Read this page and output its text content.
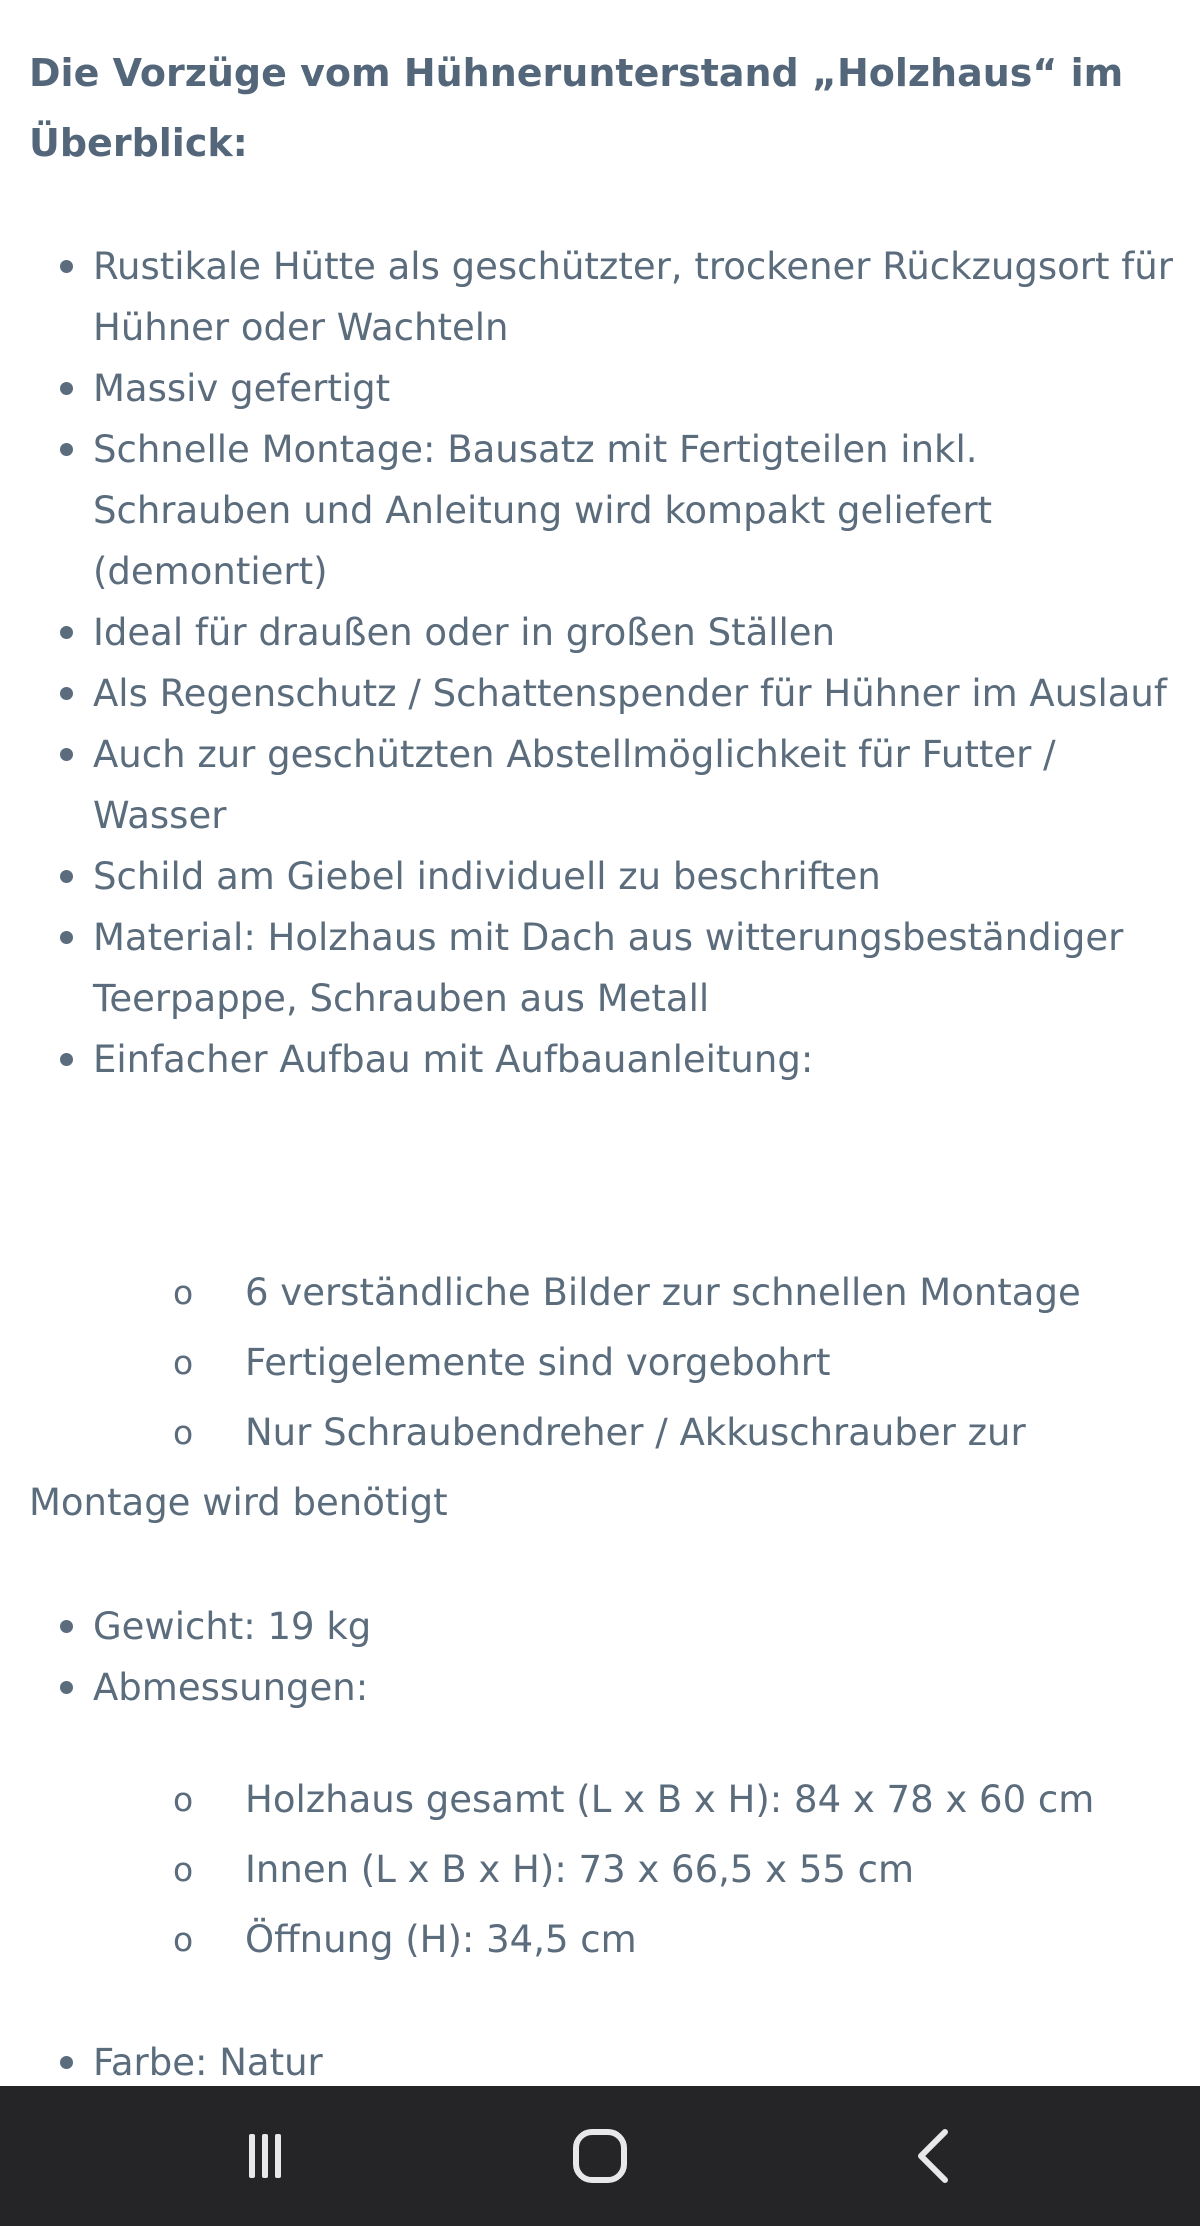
Die Vorzüge vom Hühnerunterstand „Holzhaus“ im Überblick:
Rustikale Hütte als geschützter, trockener Rückzugsort für Hühner oder Wachteln
Massiv gefertigt
Schnelle Montage: Bausatz mit Fertigteilen inkl. Schrauben und Anleitung wird kompakt geliefert (demontiert)
Ideal für draußen oder in großen Ställen
Als Regenschutz / Schattenspender für Hühner im Auslauf
Auch zur geschützten Abstellmöglichkeit für Futter / Wasser
Schild am Giebel individuell zu beschriften
Material: Holzhaus mit Dach aus witterungsbeständiger Teerpappe, Schrauben aus Metall
Einfacher Aufbau mit Aufbauanleitung:
o 6 verständliche Bilder zur schnellen Montage
o Fertigelemente sind vorgebohrt
o Nur Schraubendreher / Akkuschrauber zur
Montage wird benötigt
Gewicht: 19 kg
Abmessungen:
o Holzhaus gesamt (L x B x H): 84 x 78 x 60 cm
o Innen (L x B x H): 73 x 66,5 x 55 cm
o Öffnung (H): 34,5 cm
Farbe: Natur
